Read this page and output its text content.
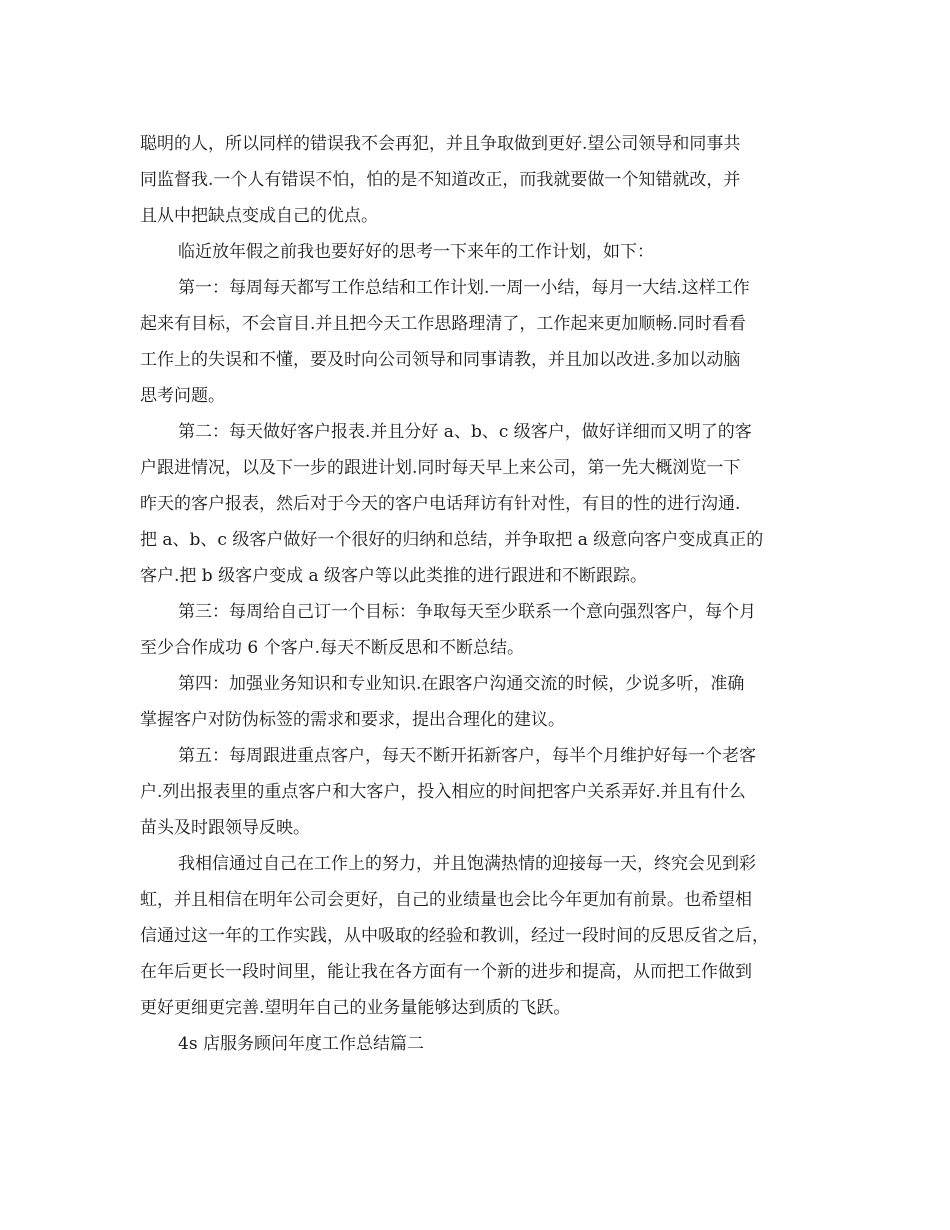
聪明的人，所以同样的错误我不会再犯，并且争取做到更好.望公司领导和同事共
同监督我.一个人有错误不怕，怕的是不知道改正，而我就要做一个知错就改，并
且从中把缺点变成自己的优点。
临近放年假之前我也要好好的思考一下来年的工作计划，如下：
第一：每周每天都写工作总结和工作计划.一周一小结，每月一大结.这样工作
起来有目标，不会盲目.并且把今天工作思路理清了，工作起来更加顺畅.同时看看
工作上的失误和不懂，要及时向公司领导和同事请教，并且加以改进.多加以动脑
思考问题。
第二：每天做好客户报表.并且分好 a、b、c 级客户，做好详细而又明了的客
户跟进情况，以及下一步的跟进计划.同时每天早上来公司，第一先大概浏览一下
昨天的客户报表，然后对于今天的客户电话拜访有针对性，有目的性的进行沟通.
把 a、b、c 级客户做好一个很好的归纳和总结，并争取把 a 级意向客户变成真正的
客户.把 b 级客户变成 a 级客户等以此类推的进行跟进和不断跟踪。
第三：每周给自己订一个目标：争取每天至少联系一个意向强烈客户，每个月
至少合作成功 6 个客户.每天不断反思和不断总结。
第四：加强业务知识和专业知识.在跟客户沟通交流的时候，少说多听，准确
掌握客户对防伪标签的需求和要求，提出合理化的建议。
第五：每周跟进重点客户，每天不断开拓新客户，每半个月维护好每一个老客
户.列出报表里的重点客户和大客户，投入相应的时间把客户关系弄好.并且有什么
苗头及时跟领导反映。
我相信通过自己在工作上的努力，并且饱满热情的迎接每一天，终究会见到彩
虹，并且相信在明年公司会更好，自己的业绩量也会比今年更加有前景。也希望相
信通过这一年的工作实践，从中吸取的经验和教训，经过一段时间的反思反省之后，
在年后更长一段时间里，能让我在各方面有一个新的进步和提高，从而把工作做到
更好更细更完善.望明年自己的业务量能够达到质的飞跃。
4s 店服务顾问年度工作总结篇二
